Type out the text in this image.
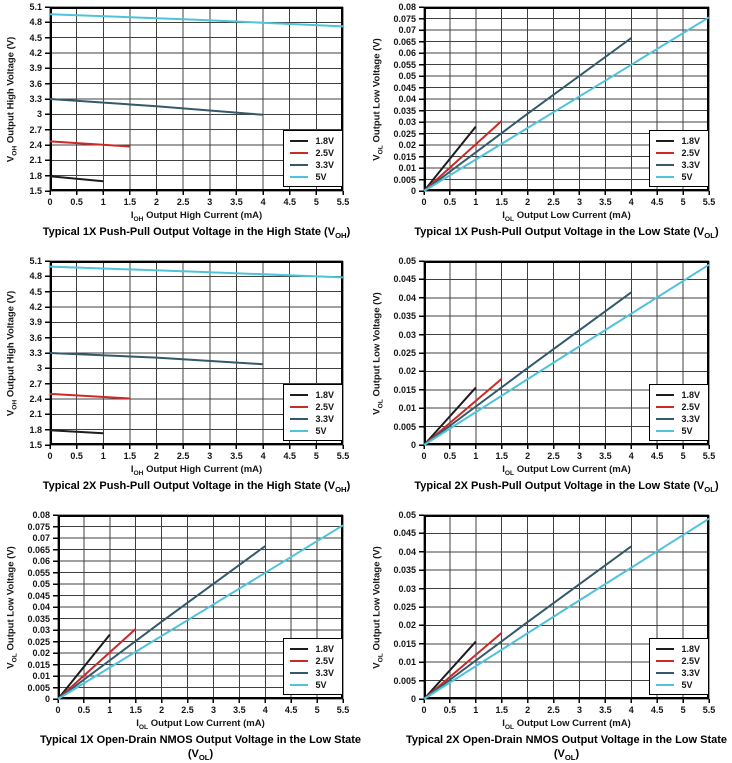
1.5
1.8
2.1
2.4
2.7
3
3.3
3.6
3.9
4.2
4.5
4.8
5.1
0	0.5	1	1.5	2	2.5	3	3.5	4	4.5	5	5.5
$V_{OH}$ Output High Voltage (V)
$I_{OH}$ Output High Current (mA)
Typical 1X Push-Pull Output Voltage in the High State $(V_{OH})$
1.8V
2.5V
3.3V
5V
0
0.005
0.01
0.015
0.02
0.025
0.03
0.035
0.04
0.045
0.05
0.055
0.06
0.065
0.07
0.075
0.08
0	0.5	1	1.5	2	2.5	3	3.5	4	4.5	5	5.5
$V_{OL}$ Output Low Voltage (V)
$I_{OL}$ Output Low Current (mA)
Typical 1X Push-Pull Output Voltage in the Low State $(V_{OL})$
1.8V
2.5V
3.3V
5V
1.5
1.8
2.1
2.4
2.7
3
3.3
3.6
3.9
4.2
4.5
4.8
5.1
0	0.5	1	1.5	2	2.5	3	3.5	4	4.5	5	5.5
$V_{OH}$ Output High Voltage (V)
$I_{OH}$ Output High Current (mA)
Typical 2X Push-Pull Output Voltage in the High State $(V_{OH})$
1.8V
2.5V
3.3V
5V
0
0.005
0.01
0.015
0.02
0.025
0.03
0.035
0.04
0.045
0.05
0	0.5	1	1.5	2	2.5	3	3.5	4	4.5	5	5.5
$V_{OL}$ Output Low Voltage (V)
$I_{OL}$ Output Low Current (mA)
Typical 2X Push-Pull Output Voltage in the Low State $(V_{OL})$
1.8V
2.5V
3.3V
5V
0
0.005
0.01
0.015
0.02
0.025
0.03
0.035
0.04
0.045
0.05
0.055
0.06
0.065
0.07
0.075
0.08
0	0.5	1	1.5	2	2.5	3	3.5	4	4.5	5	5.5
$V_{OL}$ Output Low Voltage (V)
$I_{OL}$ Output Low Current (mA)
Typical 1X Open-Drain NMOS Output Voltage in the Low State $(V_{OL})$
1.8V
2.5V
3.3V
5V
0
0.005
0.01
0.015
0.02
0.025
0.03
0.035
0.04
0.045
0.05
0	0.5	1	1.5	2	2.5	3	3.5	4	4.5	5	5.5
$V_{OL}$ Output Low Voltage (V)
$I_{OL}$ Output Low Current (mA)
Typical 2X Open-Drain NMOS Output Voltage in the Low State $(V_{OL})$
1.8V
2.5V
3.3V
5V
